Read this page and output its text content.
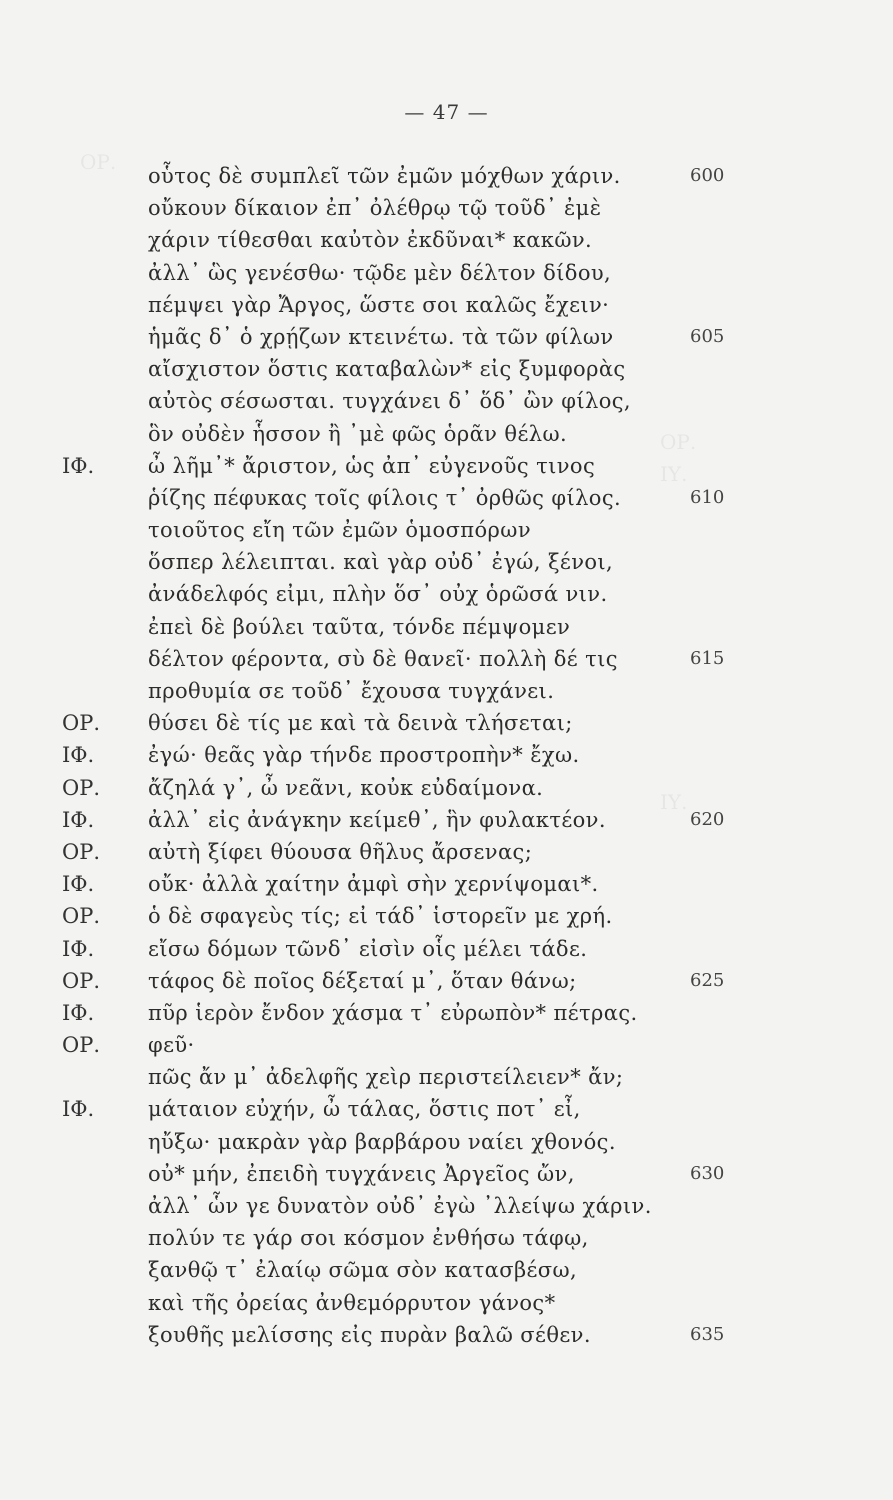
ΟΡ.
ΟΡ.
ΙΥ.
ΙΥ.
— 47 —
οὗτος δὲ συμπλεῖ τῶν ἐμῶν μόχθων χάριν.	600
οὔκουν δίκαιον ἐπ᾽ ὀλέθρῳ τῷ τοῦδ᾽ ἐμὲ
χάριν τίθεσθαι καὐτὸν ἐκδῦναι* κακῶν.
ἀλλ᾽ ὣς γενέσθω· τῷδε μὲν δέλτον δίδου,
πέμψει γὰρ Ἄργος, ὥστε σοι καλῶς ἔχειν·
ἡμᾶς δ᾽ ὁ χρῄζων κτεινέτω. τὰ τῶν φίλων	605
αἴσχιστον ὅστις καταβαλὼν* εἰς ξυμφορὰς
αὐτὸς σέσωσται. τυγχάνει δ᾽ ὅδ᾽ ὢν φίλος,
ὃν οὐδὲν ἧσσον ἢ ᾽μὲ φῶς ὁρᾶν θέλω.
ΙΦ.	ὦ λῆμ᾽* ἄριστον, ὡς ἀπ᾽ εὐγενοῦς τινος
ῥίζης πέφυκας τοῖς φίλοις τ᾽ ὀρθῶς φίλος.	610
τοιοῦτος εἴη τῶν ἐμῶν ὁμοσπόρων
ὅσπερ λέλειπται. καὶ γὰρ οὐδ᾽ ἐγώ, ξένοι,
ἀνάδελφός εἰμι, πλὴν ὅσ᾽ οὐχ ὁρῶσά νιν.
ἐπεὶ δὲ βούλει ταῦτα, τόνδε πέμψομεν
δέλτον φέροντα, σὺ δὲ θανεῖ· πολλὴ δέ τις	615
προθυμία σε τοῦδ᾽ ἔχουσα τυγχάνει.
ΟΡ. θύσει δὲ τίς με καὶ τὰ δεινὰ τλήσεται;
ΙΦ.	ἐγώ· θεᾶς γὰρ τήνδε προστροπὴν* ἔχω.
ΟΡ. ἄζηλά γ᾽, ὦ νεᾶνι, κοὐκ εὐδαίμονα.
ΙΦ.	ἀλλ᾽ εἰς ἀνάγκην κείμεθ᾽, ἣν φυλακτέον.	620
ΟΡ. αὐτὴ ξίφει θύουσα θῆλυς ἄρσενας;
ΙΦ.	οὔκ· ἀλλὰ χαίτην ἀμφὶ σὴν χερνίψομαι*.
ΟΡ. ὁ δὲ σφαγεὺς τίς; εἰ τάδ᾽ ἱστορεῖν με χρή.
ΙΦ.	εἴσω δόμων τῶνδ᾽ εἰσὶν οἷς μέλει τάδε.
ΟΡ. τάφος δὲ ποῖος δέξεταί μ᾽, ὅταν θάνω;	625
ΙΦ.	πῦρ ἱερὸν ἔνδον χάσμα τ᾽ εὐρωπὸν* πέτρας.
ΟΡ. φεῦ·
πῶς ἄν μ᾽ ἀδελφῆς χεὶρ περιστείλειεν* ἄν;
ΙΦ.	μάταιον εὐχήν, ὦ τάλας, ὅστις ποτ᾽ εἶ,
ηὔξω· μακρὰν γὰρ βαρβάρου ναίει χθονός.
οὐ* μήν, ἐπειδὴ τυγχάνεις Ἀργεῖος ὤν,	630
ἀλλ᾽ ὧν γε δυνατὸν οὐδ᾽ ἐγὼ ᾽λλείψω χάριν.
πολύν τε γάρ σοι κόσμον ἐνθήσω τάφῳ,
ξανθῷ τ᾽ ἐλαίῳ σῶμα σὸν κατασβέσω,
καὶ τῆς ὀρείας ἀνθεμόρρυτον γάνος*
ξουθῆς μελίσσης εἰς πυρὰν βαλῶ σέθεν.	635
